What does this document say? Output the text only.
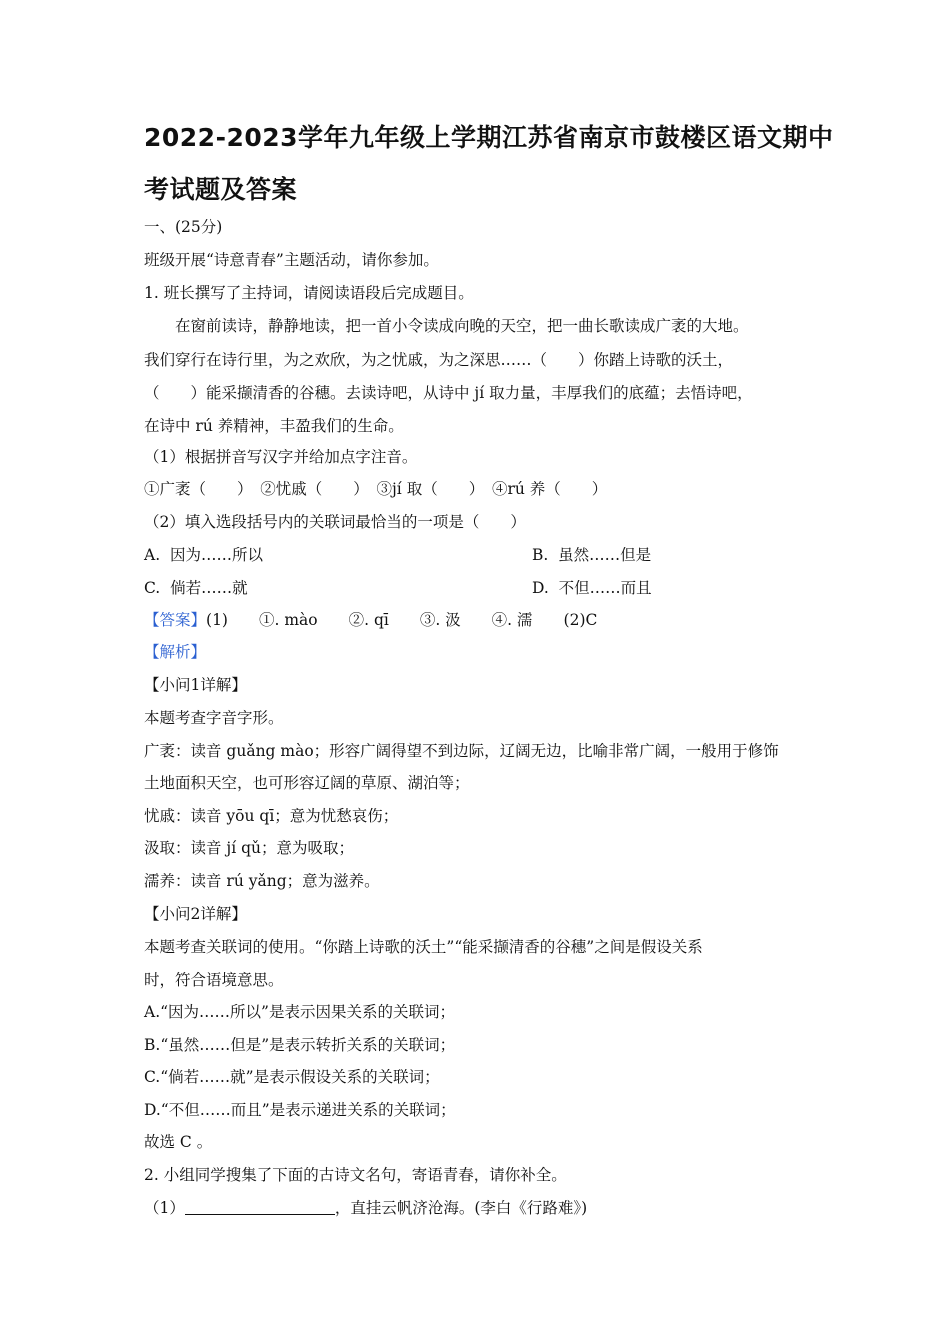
2022-2023学年九年级上学期江苏省南京市鼓楼区语文期中
考试题及答案
一、(25分)
班级开展“诗意青春”主题活动，请你参加。
1. 班长撰写了主持词，请阅读语段后完成题目。
　　在窗前读诗，静静地读，把一首小令读成向晚的天空，把一曲长歌读成广袤的大地。
我们穿行在诗行里，为之欢欣，为之忧戚，为之深思……（　　）你踏上诗歌的沃土，
（　　）能采撷清香的谷穗。去读诗吧，从诗中 jí 取力量，丰厚我们的底蕴；去悟诗吧，
在诗中 rú 养精神，丰盈我们的生命。
（1）根据拼音写汉字并给加点字注音。
①广袤（　　）　②忧戚（　　）　③jí 取（　　）　④rú 养（　　）
（2）填入选段括号内的关联词最恰当的一项是（　　）
A.  因为……所以	B.  虽然……但是
C.  倘若……就	D.  不但……而且
【答案】(1)　　①. mào　　②. qī　　③. 汲　　④. 濡　　(2)C
【解析】
【小问1详解】
本题考查字音字形。
广袤：读音 guǎng mào；形容广阔得望不到边际，辽阔无边，比喻非常广阔，一般用于修饰
土地面积天空，也可形容辽阔的草原、湖泊等；
忧戚：读音 yōu qī；意为忧愁哀伤；
汲取：读音 jí qǔ；意为吸取；
濡养：读音 rú yǎng；意为滋养。
【小问2详解】
本题考查关联词的使用。“你踏上诗歌的沃土”“能采撷清香的谷穗”之间是假设关系
时，符合语境意思。
A.“因为……所以”是表示因果关系的关联词；
B.“虽然……但是”是表示转折关系的关联词；
C.“倘若……就”是表示假设关系的关联词；
D.“不但……而且”是表示递进关系的关联词；
故选 C 。
2. 小组同学搜集了下面的古诗文名句，寄语青春，请你补全。
（1）	，直挂云帆济沧海。(李白《行路难》)
